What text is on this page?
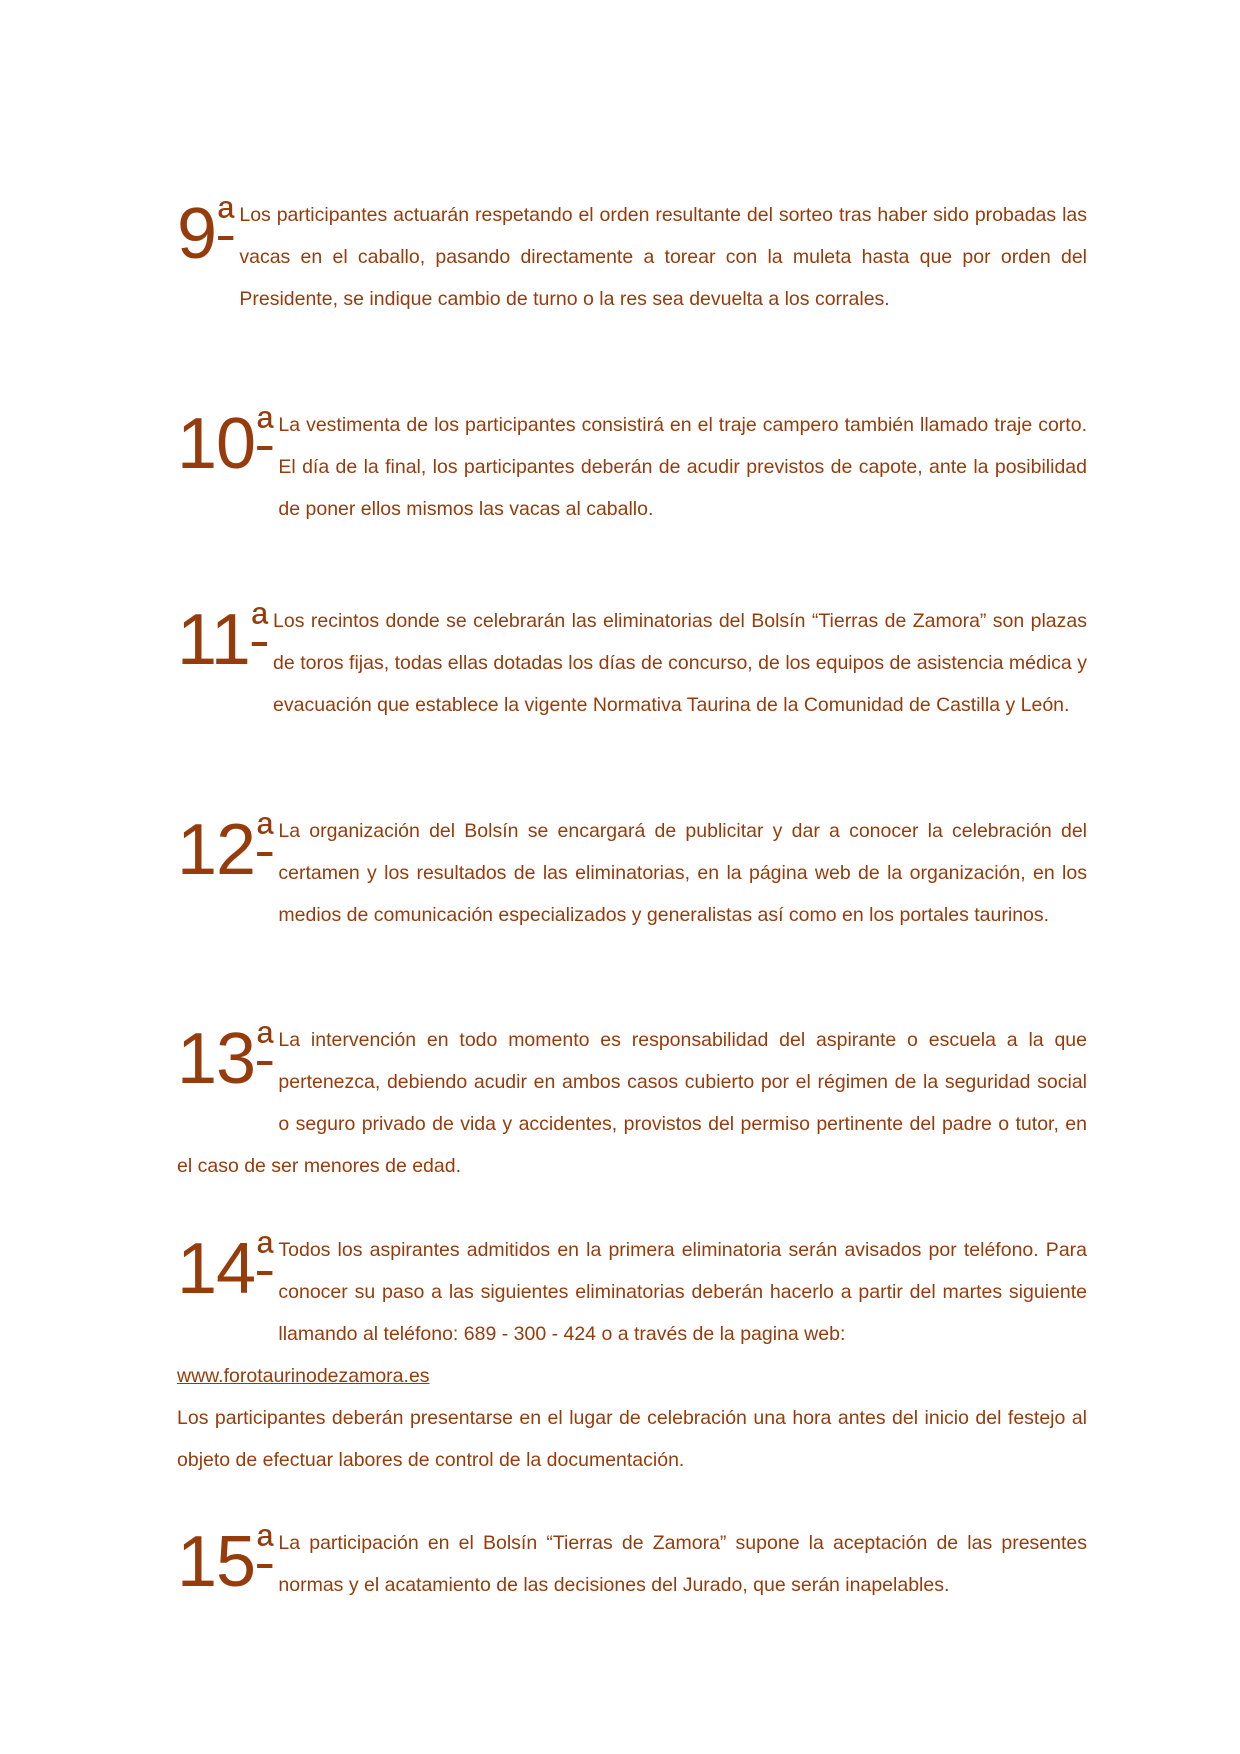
9ª Los participantes actuarán respetando el orden resultante del sorteo tras haber sido probadas las vacas en el caballo, pasando directamente a torear con la muleta hasta que por orden del Presidente, se indique cambio de turno o la res sea devuelta a los corrales.
10ª La vestimenta de los participantes consistirá en el traje campero también llamado traje corto. El día de la final, los participantes deberán de acudir previstos de capote, ante la posibilidad de poner ellos mismos las vacas al caballo.
11ª Los recintos donde se celebrarán las eliminatorias del Bolsín “Tierras de Zamora” son plazas de toros fijas, todas ellas dotadas los días de concurso, de los equipos de asistencia médica y evacuación que establece la vigente Normativa Taurina de la Comunidad de Castilla y León.
12ª La organización del Bolsín se encargará de publicitar y dar a conocer la celebración del certamen y los resultados de las eliminatorias, en la página web de la organización, en los medios de comunicación especializados y generalistas así como en los portales taurinos.
13ª La intervención en todo momento es responsabilidad del aspirante o escuela a la que pertenezca, debiendo acudir en ambos casos cubierto por el régimen de la seguridad social o seguro privado de vida y accidentes, provistos del permiso pertinente del padre o tutor, en el caso de ser menores de edad.
14ª Todos los aspirantes admitidos en la primera eliminatoria serán avisados por teléfono. Para conocer su paso a las siguientes eliminatorias deberán hacerlo a partir del martes siguiente llamando al teléfono: 689 - 300 - 424 o a través de la pagina web:
www.forotaurinodezamora.es
Los participantes deberán presentarse en el lugar de celebración una hora antes del inicio del festejo al objeto de efectuar labores de control de la documentación.
15ª La participación en el Bolsín “Tierras de Zamora” supone la aceptación de las presentes normas y el acatamiento de las decisiones del Jurado, que serán inapelables.
